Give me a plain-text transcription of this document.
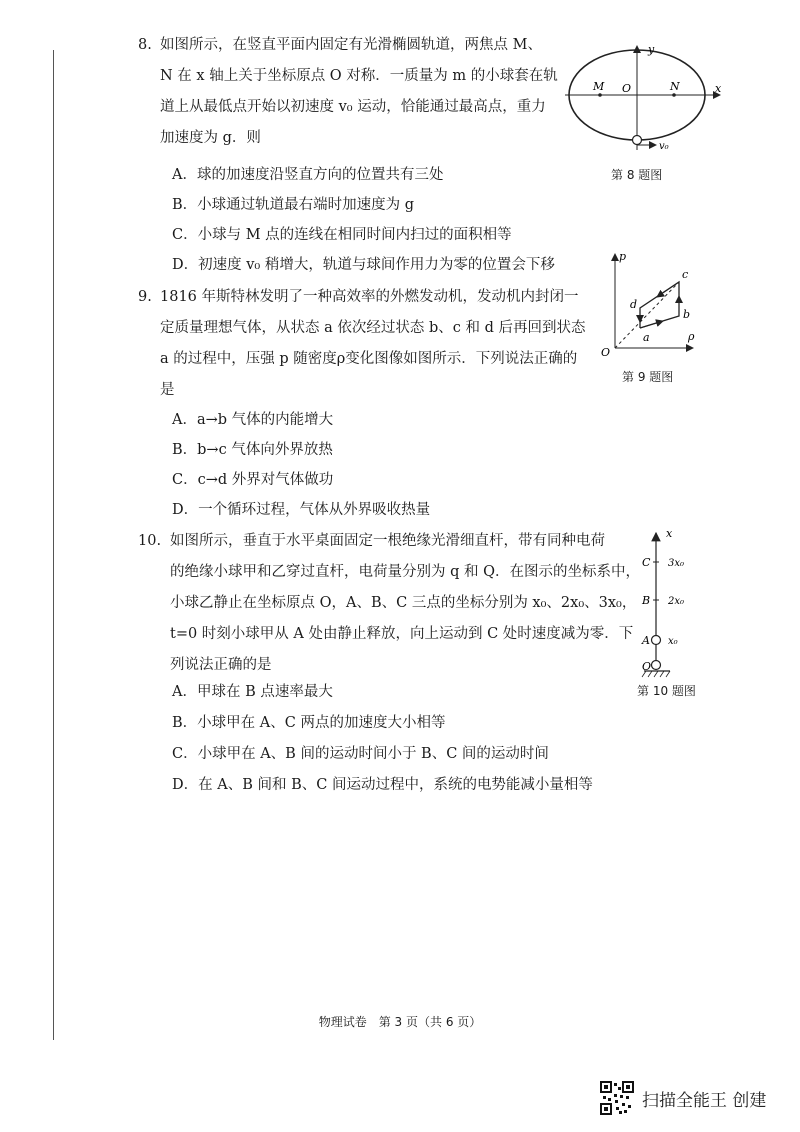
8. 如图所示，在竖直平面内固定有光滑椭圆轨道，两焦点 M、
N 在 x 轴上关于坐标原点 O 对称．一质量为 m 的小球套在轨
道上从最低点开始以初速度 v₀ 运动，恰能通过最高点，重力
加速度为 g．则
A．球的加速度沿竖直方向的位置共有三处
B．小球通过轨道最右端时加速度为 g
C．小球与 M 点的连线在相同时间内扫过的面积相等
D．初速度 v₀ 稍增大，轨道与球间作用力为零的位置会下移
y
x
M O	N
v₀
第 8 题图
9. 1816 年斯特林发明了一种高效率的外燃发动机，发动机内封闭一
定质量理想气体，从状态 a 依次经过状态 b、c 和 d 后再回到状态
a 的过程中，压强 p 随密度ρ变化图像如图所示．下列说法正确的
是
A．a→b 气体的内能增大
B．b→c 气体向外界放热
C．c→d 外界对气体做功
D．一个循环过程，气体从外界吸收热量
p
ρ
O
a
b
c
d
第 9 题图
10. 如图所示，垂直于水平桌面固定一根绝缘光滑细直杆，带有同种电荷
的绝缘小球甲和乙穿过直杆，电荷量分别为 q 和 Q．在图示的坐标系中，
小球乙静止在坐标原点 O，A、B、C 三点的坐标分别为 x₀、2x₀、3x₀，
t=0 时刻小球甲从 A 处由静止释放，向上运动到 C 处时速度减为零．下
列说法正确的是
A．甲球在 B 点速率最大
B．小球甲在 A、C 两点的加速度大小相等
C．小球甲在 A、B 间的运动时间小于 B、C 间的运动时间
D．在 A、B 间和 B、C 间运动过程中，系统的电势能减小量相等
x
C 3x₀
B 2x₀
A x₀
O
第 10 题图
物理试卷　第 3 页（共 6 页）
扫描全能王 创建
